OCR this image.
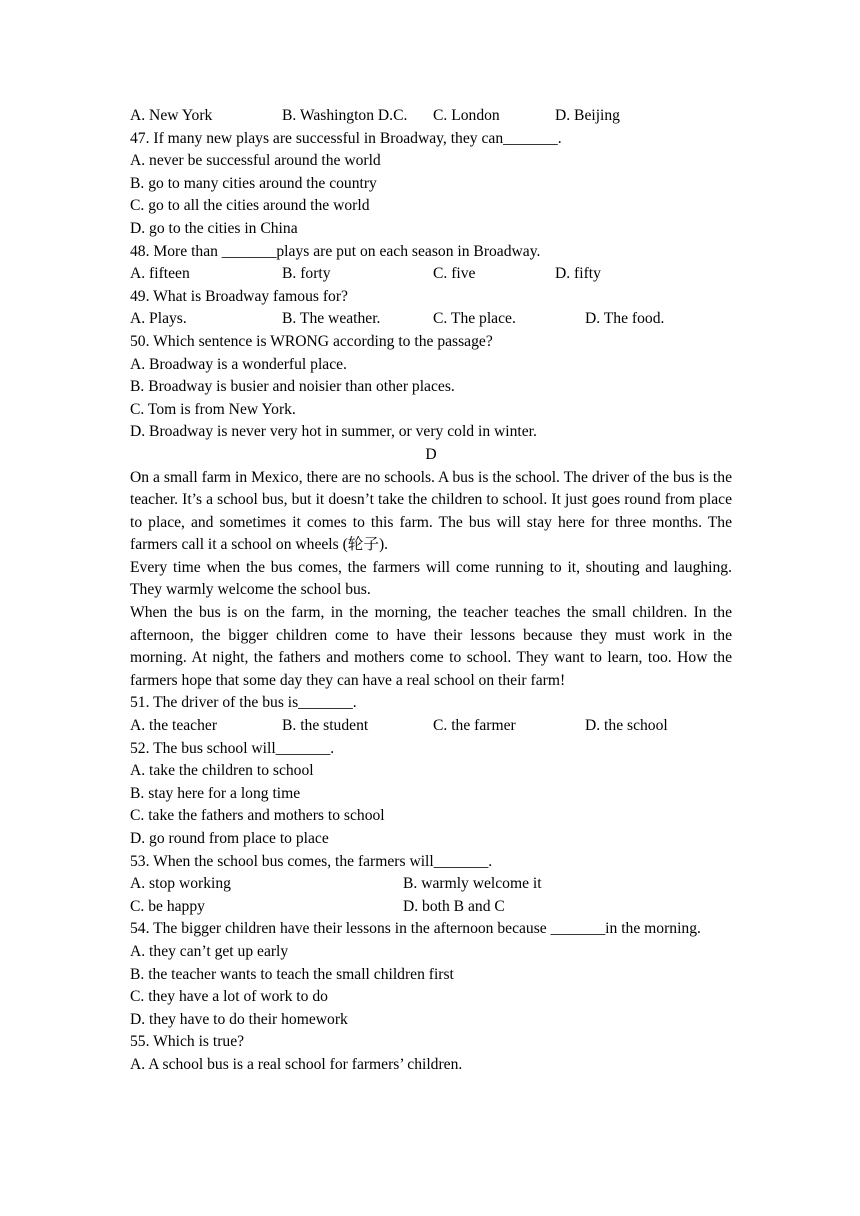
A. New York	B. Washington D.C. C. London	D. Beijing
47. If many new plays are successful in Broadway, they can_______.
A. never be successful around the world
B. go to many cities around the country
C. go to all the cities around the world
D. go to the cities in China
48. More than _______plays are put on each season in Broadway.
A. fifteen	B. forty	C. five	D. fifty
49. What is Broadway famous for?
A. Plays.	B. The weather.	C. The place.	D. The food.
50. Which sentence is WRONG according to the passage?
A. Broadway is a wonderful place.
B. Broadway is busier and noisier than other places.
C. Tom is from New York.
D. Broadway is never very hot in summer, or very cold in winter.
D
On a small farm in Mexico, there are no schools. A bus is the school. The driver of the bus is the teacher. It’s a school bus, but it doesn’t take the children to school. It just goes round from place to place, and sometimes it comes to this farm. The bus will stay here for three months. The farmers call it a school on wheels (轮子).
Every time when the bus comes, the farmers will come running to it, shouting and laughing. They warmly welcome the school bus.
When the bus is on the farm, in the morning, the teacher teaches the small children. In the afternoon, the bigger children come to have their lessons because they must work in the morning. At night, the fathers and mothers come to school. They want to learn, too. How the farmers hope that some day they can have a real school on their farm!
51. The driver of the bus is_______.
A. the teacher	B. the student	C. the farmer	D. the school
52. The bus school will_______.
A. take the children to school
B. stay here for a long time
C. take the fathers and mothers to school
D. go round from place to place
53. When the school bus comes, the farmers will_______.
A. stop working	B. warmly welcome it
C. be happy	D. both B and C
54. The bigger children have their lessons in the afternoon because _______in the morning.
A. they can’t get up early
B. the teacher wants to teach the small children first
C. they have a lot of work to do
D. they have to do their homework
55. Which is true?
A. A school bus is a real school for farmers’ children.
